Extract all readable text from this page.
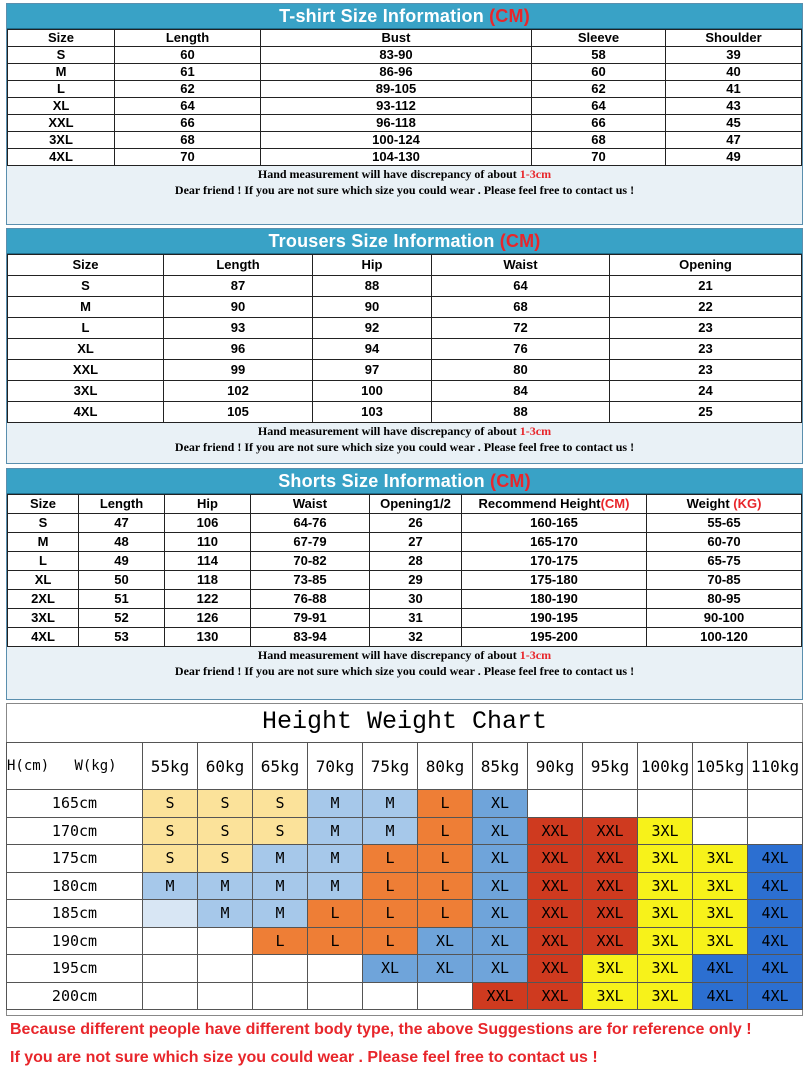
T-shirt Size Information (CM)
Size	Length	Bust	Sleeve	Shoulder
S	60	83-90	58	39
M	61	86-96	60	40
L	62	89-105	62	41
XL	64	93-112	64	43
XXL	66	96-118	66	45
3XL	68	100-124	68	47
4XL	70	104-130	70	49
Hand measurement will have discrepancy of about 1-3cm
Dear friend ! If you are not sure which size you could wear . Please feel free to contact us !
Trousers Size Information (CM)
Size	Length	Hip	Waist	Opening
S	87	88	64	21
M	90	90	68	22
L	93	92	72	23
XL	96	94	76	23
XXL	99	97	80	23
3XL	102	100	84	24
4XL	105	103	88	25
Hand measurement will have discrepancy of about 1-3cm
Dear friend ! If you are not sure which size you could wear . Please feel free to contact us !
Shorts Size Information (CM)
Size	Length	Hip	Waist	Opening1/2	Recommend Height(CM)	Weight (KG)
S	47	106	64-76	26	160-165	55-65
M	48	110	67-79	27	165-170	60-70
L	49	114	70-82	28	170-175	65-75
XL	50	118	73-85	29	175-180	70-85
2XL	51	122	76-88	30	180-190	80-95
3XL	52	126	79-91	31	190-195	90-100
4XL	53	130	83-94	32	195-200	100-120
Hand measurement will have discrepancy of about 1-3cm
Dear friend ! If you are not sure which size you could wear . Please feel free to contact us !
Height Weight Chart
H(cm) W(kg)	55kg	60kg	65kg	70kg	75kg	80kg	85kg	90kg	95kg	100kg	105kg	110kg
165cm	S	S	S	M	M	L	XL					
170cm	S	S	S	M	M	L	XL	XXL	XXL	3XL		
175cm	S	S	M	M	L	L	XL	XXL	XXL	3XL	3XL	4XL
180cm	M	M	M	M	L	L	XL	XXL	XXL	3XL	3XL	4XL
185cm		M	M	L	L	L	XL	XXL	XXL	3XL	3XL	4XL
190cm			L	L	L	XL	XL	XXL	XXL	3XL	3XL	4XL
195cm					XL	XL	XL	XXL	3XL	3XL	4XL	4XL
200cm							XXL	XXL	3XL	3XL	4XL	4XL

Because different people have different body type, the above Suggestions are for reference only !

If you are not sure which size you could wear . Please feel free to contact us !
